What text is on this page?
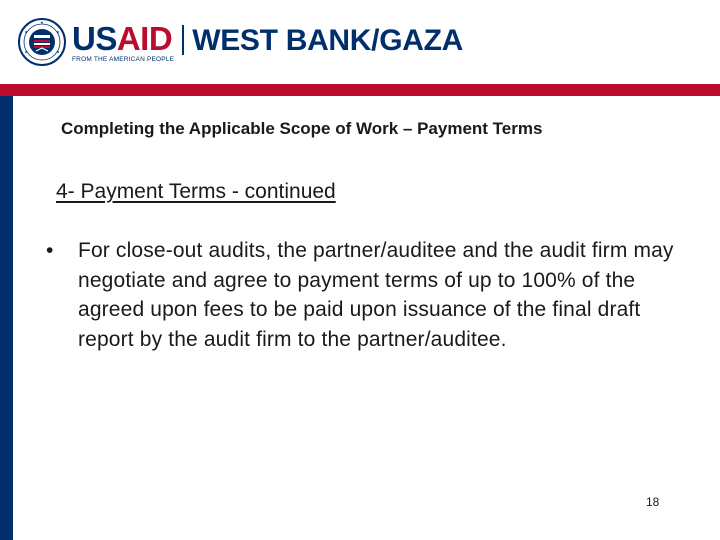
USAID
FROM THE AMERICAN PEOPLE
WEST BANK/GAZA
Completing the Applicable Scope of Work – Payment Terms
4- Payment Terms - continued
•	For close-out audits, the partner/auditee and the audit firm may negotiate and agree to payment terms of up to 100% of the agreed upon fees to be paid upon issuance of the final draft report by the audit firm to the partner/auditee.
18
